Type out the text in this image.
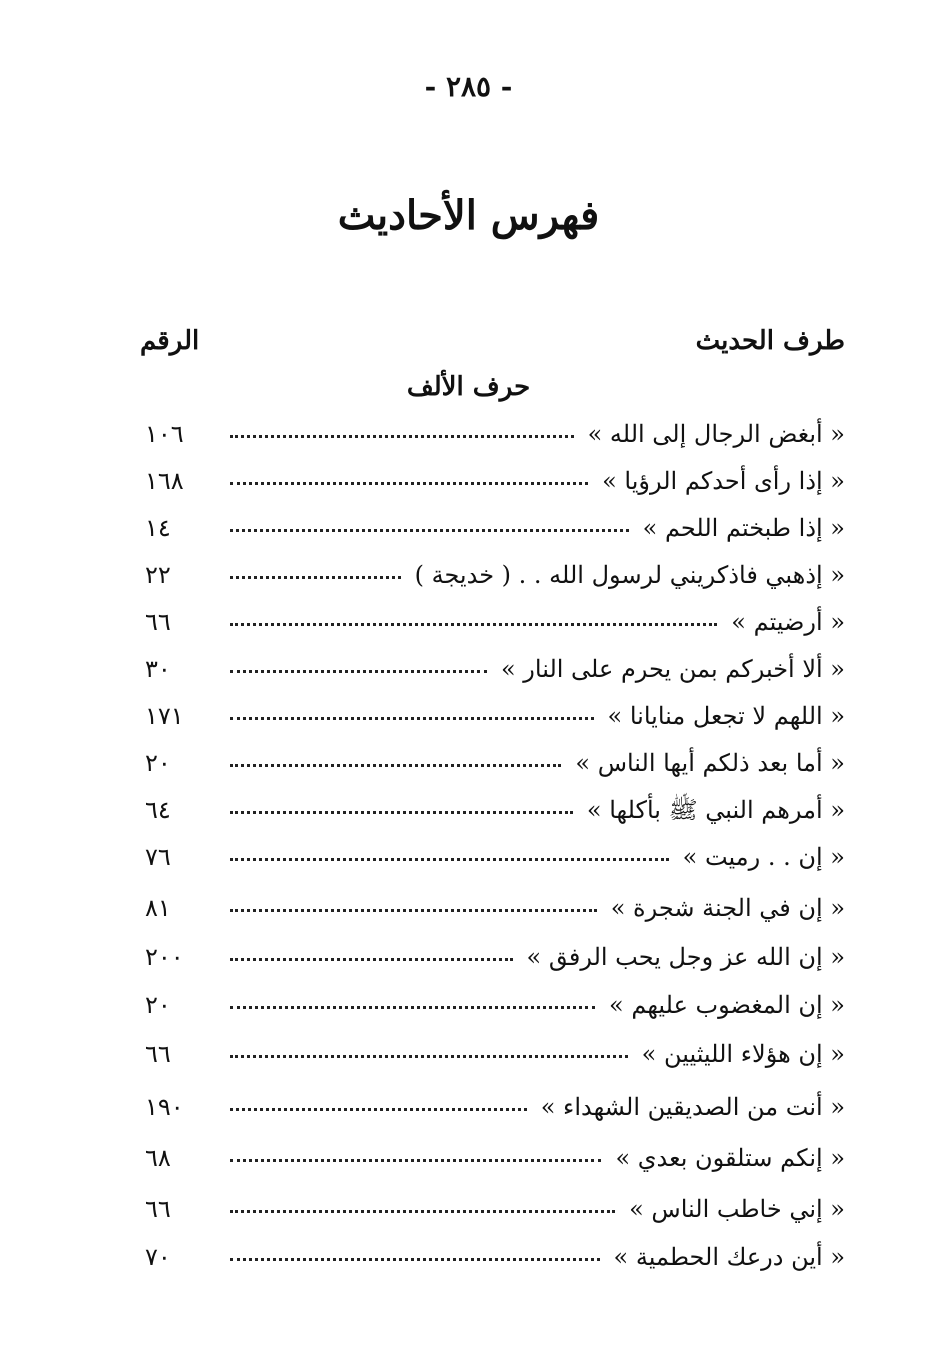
- ٢٨٥ -
فهرس الأحاديث
طرف الحديث
الرقم
حرف الألف
« أبغض الرجال إلى الله »
١٠٦
« إذا رأى أحدكم الرؤيا »
١٦٨
« إذا طبختم اللحم »
١٤
« إذهبي فاذكريني لرسول الله . . ( خديجة )
٢٢
« أرضيتم »
٦٦
« ألا أخبركم بمن يحرم على النار »
٣٠
« اللهم لا تجعل منايانا »
١٧١
« أما بعد ذلكم أيها الناس »
٢٠
« أمرهم النبي ﷺ بأكلها »
٦٤
« إن . . رميت »
٧٦
« إن في الجنة شجرة »
٨١
« إن الله عز وجل يحب الرفق »
٢٠٠
« إن المغضوب عليهم »
٢٠
« إن هؤلاء الليثيين »
٦٦
« أنت من الصديقين الشهداء »
١٩٠
« إنكم ستلقون بعدي »
٦٨
« إني خاطب الناس »
٦٦
« أين درعك الحطمية »
٧٠
